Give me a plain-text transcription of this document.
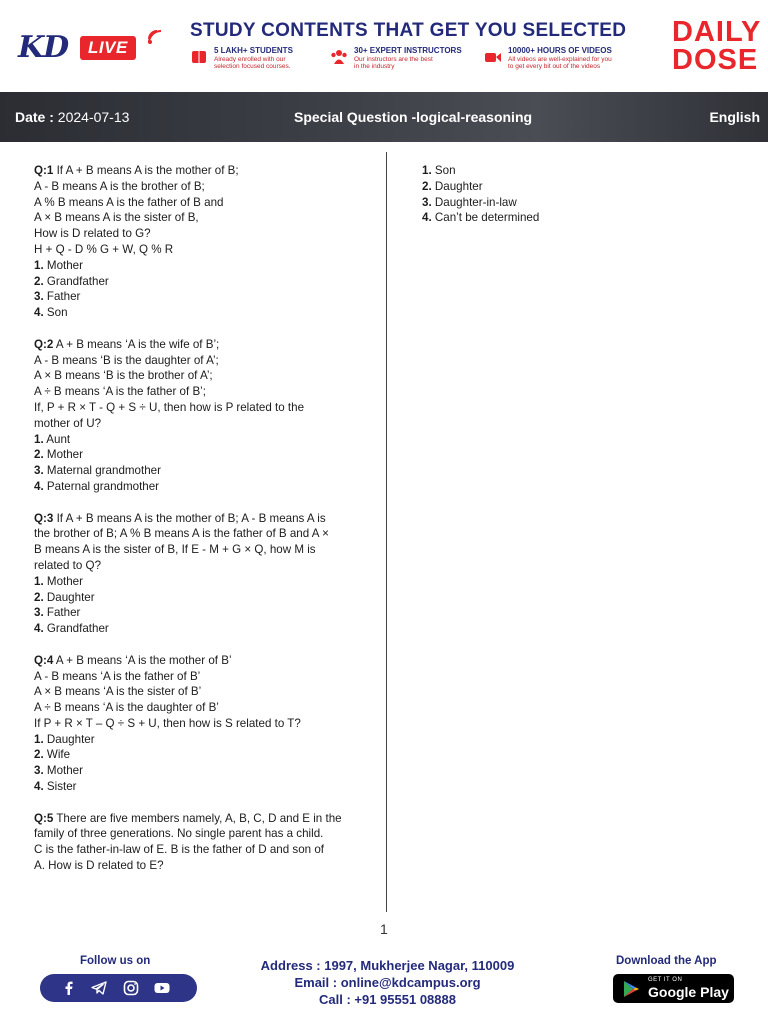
KD	LIVE
STUDY CONTENTS THAT GET YOU SELECTED
5 LAKH+ STUDENTS
Already enrolled with our
selection focused courses.
30+ EXPERT INSTRUCTORS
Our instructors are the best
in the industry
10000+ HOURS OF VIDEOS
All videos are well-explained for you
to get every bit out of the videos
DAILY
DOSE
Date : 2024-07-13	Special Question -logical-reasoning	English
Q:1 If A + B means A is the mother of B;
A - B means A is the brother of B;
A % B means A is the father of B and
A × B means A is the sister of B,
How is D related to G?
H + Q - D % G + W, Q % R
1. Mother
2. Grandfather
3. Father
4. Son
Q:2 A + B means ‘A is the wife of B’;
A - B means ‘B is the daughter of A’;
A × B means ‘B is the brother of A’;
A ÷ B means ‘A is the father of B’;
If, P + R × T - Q + S ÷ U, then how is P related to the
mother of U?
1. Aunt
2. Mother
3. Maternal grandmother
4. Paternal grandmother
Q:3 If A + B means A is the mother of B; A - B means A is
the brother of B; A % B means A is the father of B and A ×
B means A is the sister of B, If E - M + G × Q, how M is
related to Q?
1. Mother
2. Daughter
3. Father
4. Grandfather
Q:4 A + B means ‘A is the mother of B’
A - B means ‘A is the father of B’
A × B means ‘A is the sister of B’
A ÷ B means ‘A is the daughter of B’
If P + R × T – Q ÷ S + U, then how is S related to T?
1. Daughter
2. Wife
3. Mother
4. Sister
Q:5 There are five members namely, A, B, C, D and E in the
family of three generations. No single parent has a child.
C is the father-in-law of E. B is the father of D and son of
A. How is D related to E?
1. Son
2. Daughter
3. Daughter-in-law
4. Can’t be determined
1
Follow us on	Address : 1997, Mukherjee Nagar, 110009
Email : online@kdcampus.org
Call : +91 95551 08888
Download the App
GET IT ON
Google Play
